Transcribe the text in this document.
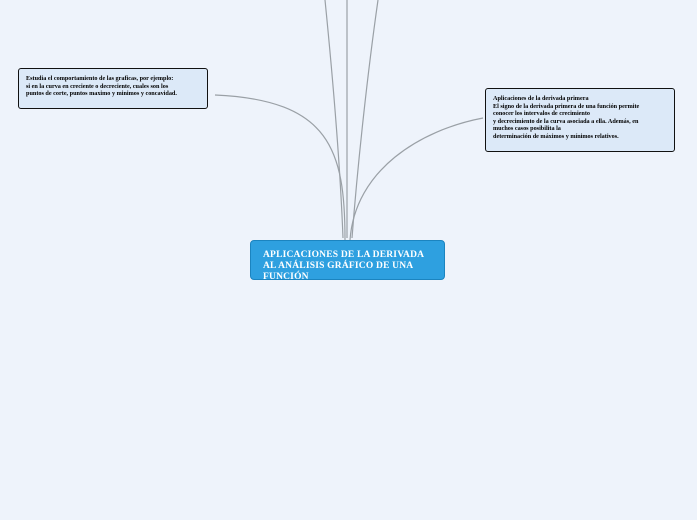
Estudia el comportamiento de las graficas, por ejemplo:

si en la curva en creciente o decreciente, cuales son los

puntos de corte, puntos maximo y minimos y concavidad.

Aplicaciones de la derivada primera

El signo de la derivada primera de una función permite

conocer los intervalos de crecimiento

y decrecimiento de la curva asociada a ella. Además, en

muchos casos posibilita la

determinación de máximos y mínimos relativos.

APLICACIONES DE LA DERIVADA AL ANÁLISIS GRÁFICO DE UNA FUNCIÓN
